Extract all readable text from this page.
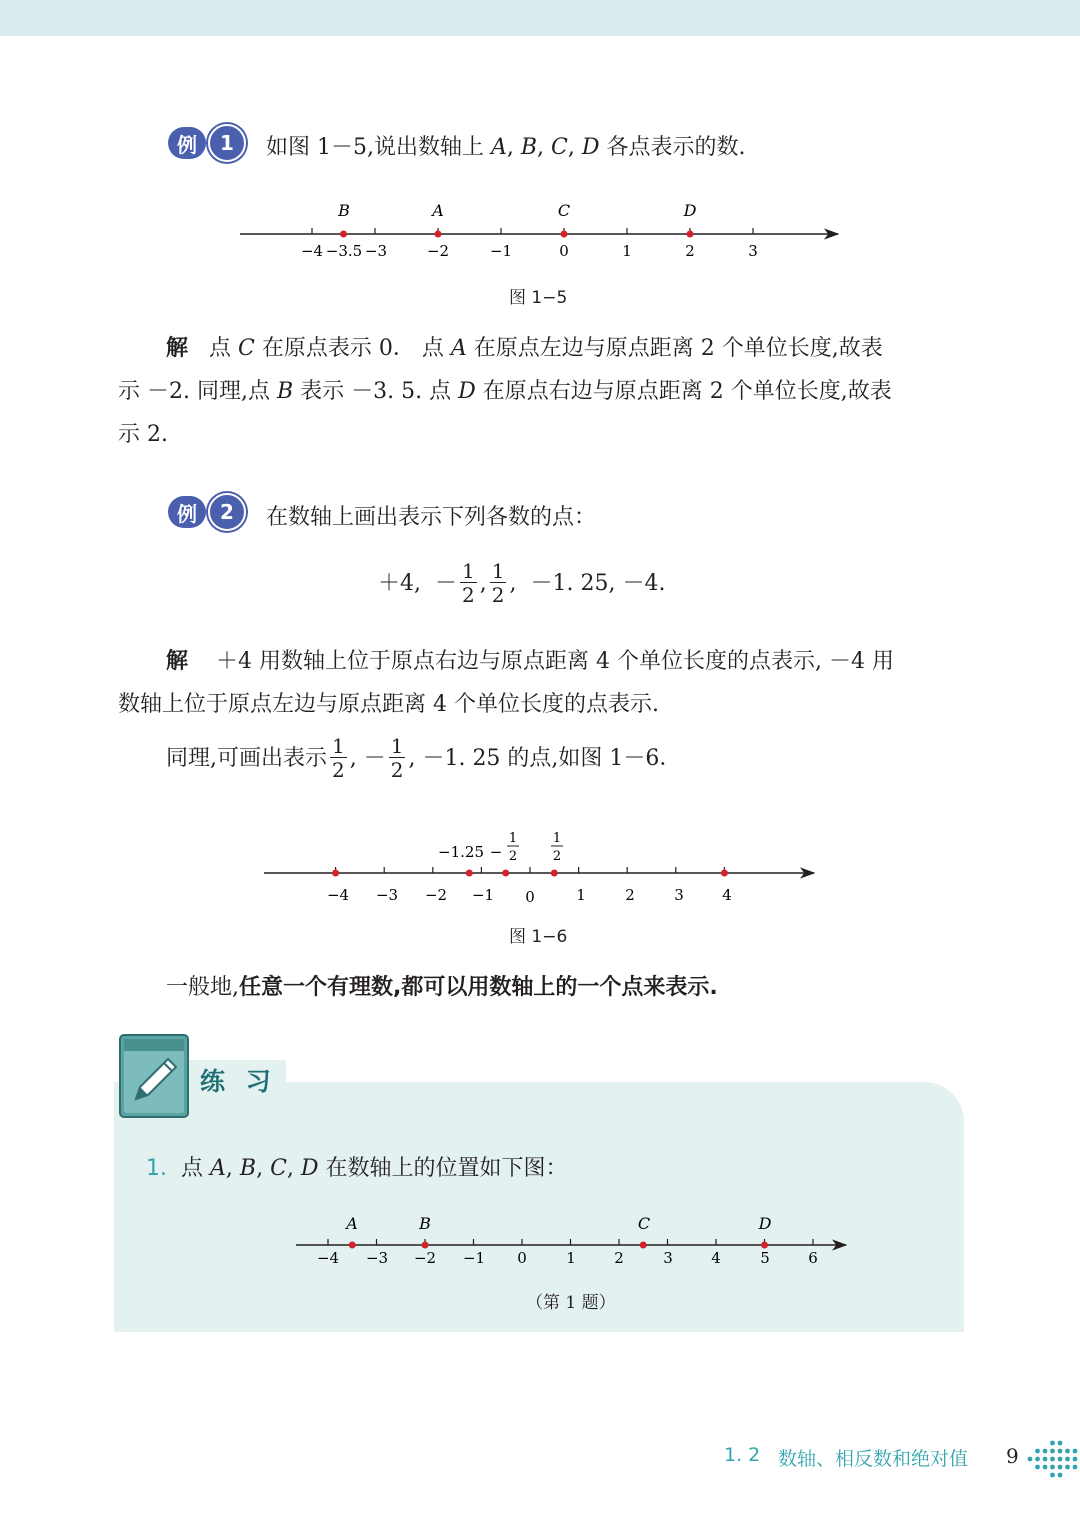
例	1	如图 1－5,说出数轴上 A, B, C, D 各点表示的数.
−4 −3.5 −3	−2	−1	0	1	2	3
B	A	C	D
图 1−5
解 点 C 在原点表示 0． 点 A 在原点左边与原点距离 2 个单位长度,故表
示 －2. 同理,点 B 表示 －3. 5. 点 D 在原点右边与原点距离 2 个单位长度,故表
示 2.
例	2	在数轴上画出表示下列各数的点：
＋4,
－ $\frac{1}{2}$ , $\frac{1}{2}$ ,
－1. 25, －4.
解 ＋4 用数轴上位于原点右边与原点距离 4 个单位长度的点表示, －4 用
数轴上位于原点左边与原点距离 4 个单位长度的点表示.
同理,可画出表示 $\frac{1}{2}$ , － $\frac{1}{2}$ , －1. 25 的点,如图 1－6．
−4 −3 −2 −1 0	1	2	3	4
−1.25 −
1
2
1
2
图 1−6
一般地,任意一个有理数,都可以用数轴上的一个点来表示.
练 习
1. 点 A, B, C, D 在数轴上的位置如下图：
−4 −3 −2 −1 0	1	2	3	4	5	6
A	B	C	D
（第 1 题）
1. 2 数轴、相反数和绝对值 9
